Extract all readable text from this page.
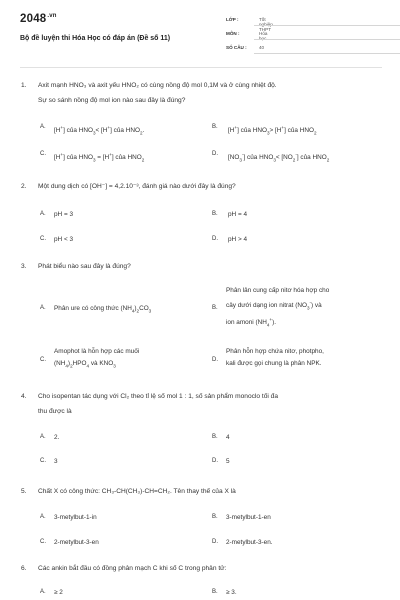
$2048^{.vn}$
Bộ đề luyện thi Hóa Học có đáp án (Đề số 11)
LỚP :	Tốt nghiệp THPT
MÔN :	Hóa học
SỐ CÂU :	40
1. Axit mạnh HNO₃ và axit yếu HNO₂ có cùng nồng độ mol 0,1M và ở cùng nhiệt độ.
Sự so sánh nồng độ mol ion nào sau đây là đúng?
A.
[H+] của $HNO_3< [H^+]$ của $HNO_2$.
B.
[H+] của $HNO_3> [H^+]$ của $HNO_2$
C.
[H+] của $HNO_3 = [H^+]$ của $HNO_2$
D.
$[NO_3^-]$ của $HNO_3< [NO_2^-]$ của $HNO_2$
2. Một dung dịch có [OH⁻] = 4,2.10⁻³, đánh giá nào dưới đây là đúng?
A. pH = 3	B. pH = 4
C. pH < 3	D. pH > 4
3. Phát biểu nào sau đây là đúng?
A. Phân ure có công thức $(NH_4)_2CO_3$	B.
Phân lân cung cấp nitơ hóa hợp cho
cây dưới dạng ion nitrat $(NO_3^-)$ và
ion amoni $(NH_4^+)$.
C.
Amophot là hỗn hợp các muối
$(NH_4)_2HPO_4$ và $KNO_3$
D.
Phân hỗn hợp chứa nitơ, photpho,
kali được gọi chung là phân NPK.
4. Cho isopentan tác dụng với Cl₂ theo tỉ lệ số mol 1 : 1, số sản phẩm monoclo tối đa
thu được là
A. 2.	B. 4
C. 3	D. 5
5. Chất X có công thức: CH₃-CH(CH₃)-CH=CH₂. Tên thay thế của X là
A. 3-metylbut-1-in	B. 3-metylbut-1-en
C. 2-metylbut-3-en	D. 2-metylbut-3-en.
6. Các ankin bắt đầu có đồng phân mạch C khi số C trong phân tử:
A. ≥ 2	B. ≥ 3.
